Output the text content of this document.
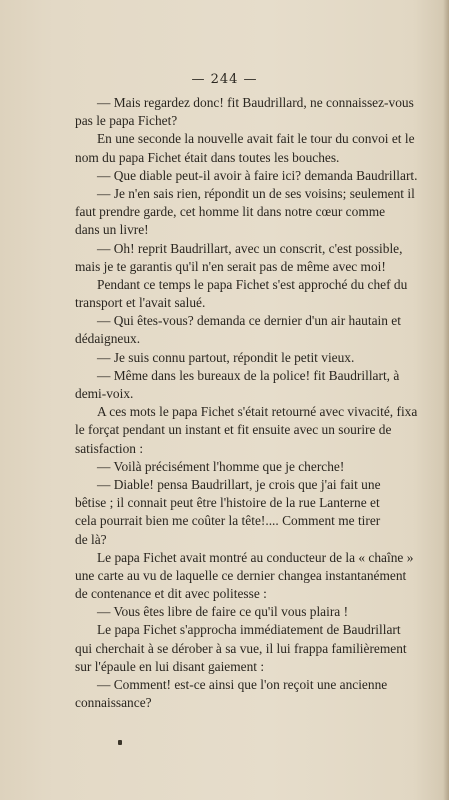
— 244 —
— Mais regardez donc! fit Baudrillard, ne connaissez-vous
pas le papa Fichet?
En une seconde la nouvelle avait fait le tour du convoi et le
nom du papa Fichet était dans toutes les bouches.
— Que diable peut-il avoir à faire ici? demanda Baudrillart.
— Je n'en sais rien, répondit un de ses voisins; seulement il
faut prendre garde, cet homme lit dans notre cœur comme
dans un livre!
— Oh! reprit Baudrillart, avec un conscrit, c'est possible,
mais je te garantis qu'il n'en serait pas de même avec moi!
Pendant ce temps le papa Fichet s'est approché du chef du
transport et l'avait salué.
— Qui êtes-vous? demanda ce dernier d'un air hautain et
dédaigneux.
— Je suis connu partout, répondit le petit vieux.
— Même dans les bureaux de la police! fit Baudrillart, à
demi-voix.
A ces mots le papa Fichet s'était retourné avec vivacité, fixa
le forçat pendant un instant et fit ensuite avec un sourire de
satisfaction :
— Voilà précisément l'homme que je cherche!
— Diable! pensa Baudrillart, je crois que j'ai fait une
bêtise ; il connait peut être l'histoire de la rue Lanterne et
cela pourrait bien me coûter la tête!.... Comment me tirer
de là?
Le papa Fichet avait montré au conducteur de la « chaîne »
une carte au vu de laquelle ce dernier changea instantanément
de contenance et dit avec politesse :
— Vous êtes libre de faire ce qu'il vous plaira !
Le papa Fichet s'approcha immédiatement de Baudrillart
qui cherchait à se dérober à sa vue, il lui frappa familièrement
sur l'épaule en lui disant gaiement :
— Comment! est-ce ainsi que l'on reçoit une ancienne
connaissance?
